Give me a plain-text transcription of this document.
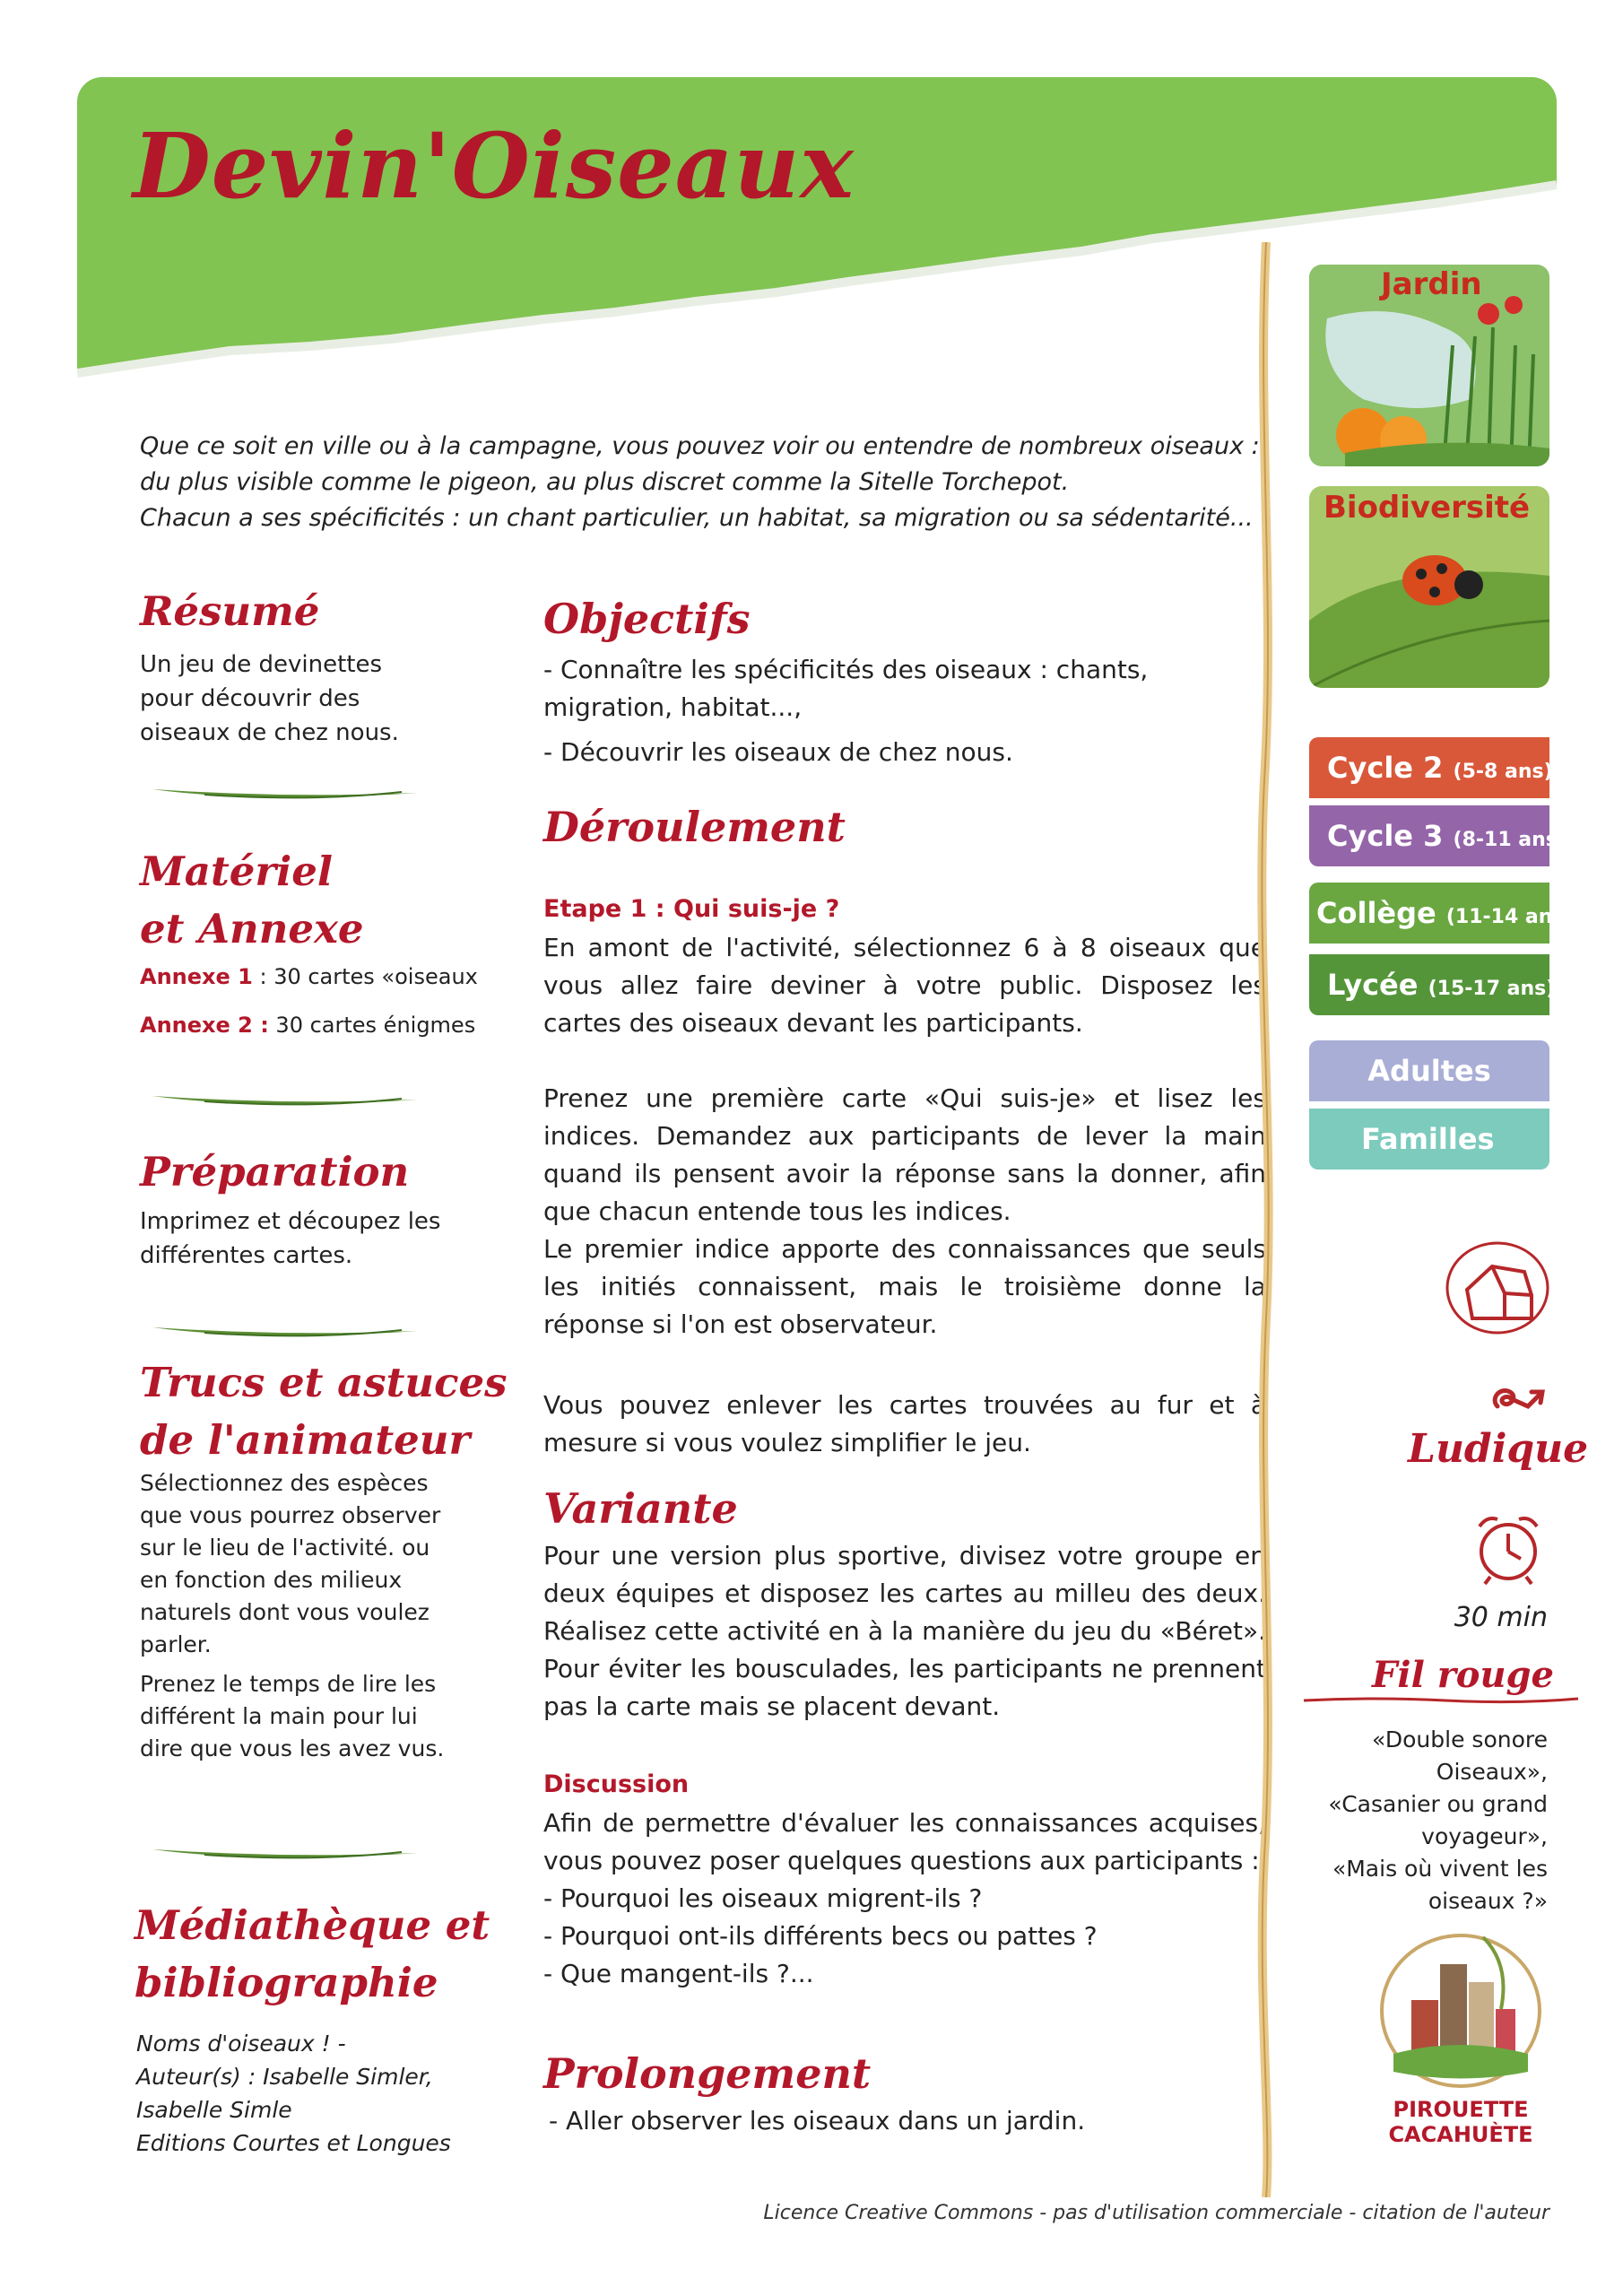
Devin'Oiseaux

Que ce soit en ville ou à la campagne, vous pouvez voir ou entendre de nombreux oiseaux : du plus visible comme le pigeon, au plus discret comme la Sitelle Torchepot.

Chacun a ses spécificités : un chant particulier, un habitat, sa migration ou sa sédentarité...

Résumé

Un jeu de devinettes pour découvrir des oiseaux de chez nous.

Matériel
et Annexe
Annexe 1 : 30 cartes «oiseaux
Annexe 2 : 30 cartes énigmes
Préparation

Imprimez et découpez les différentes cartes.

Trucs et astuces
de l'animateur

Sélectionnez des espèces que vous pourrez observer sur le lieu de l'activité. ou en fonction des milieux naturels dont vous voulez parler.

Prenez le temps de lire les différent la main pour lui dire que vous les avez vus.

Médiathèque et
bibliographie
Noms d'oiseaux ! -
Auteur(s) : Isabelle Simler,
Isabelle Simle
Editions Courtes et Longues
Objectifs

- Connaître les spécificités des oiseaux : chants, migration, habitat...,

- Découvrir les oiseaux de chez nous.

Déroulement
Etape 1 : Qui suis-je ?

En amont de l'activité, sélectionnez 6 à 8 oiseaux que vous allez faire deviner à votre public. Disposez les cartes des oiseaux devant les participants.

Prenez une première carte «Qui suis-je» et lisez les indices. Demandez aux participants de lever la main quand ils pensent avoir la réponse sans la donner, afin que chacun entende tous les indices.

Le premier indice apporte des connaissances que seuls les initiés connaissent, mais le troisième donne la réponse si l'on est observateur.

Vous pouvez enlever les cartes trouvées au fur et à mesure si vous voulez simplifier le jeu.

Variante

Pour une version plus sportive, divisez votre groupe en deux équipes et disposez les cartes au milleu des deux. Réalisez cette activité en à la manière du jeu du «Béret». Pour éviter les bousculades, les participants ne prennent pas la carte mais se placent devant.

Discussion

Afin de permettre d'évaluer les connaissances acquises, vous pouvez poser quelques questions aux participants :

- Pourquoi les oiseaux migrent-ils ?
- Pourquoi ont-ils différents becs ou pattes ?
- Que mangent-ils ?...
Prolongement

- Aller observer les oiseaux dans un jardin.

Jardin
Biodiversité
Cycle 2 (5-8 ans)
Cycle 3 (8-11 ans)
Collège (11-14 ans)
Lycée (15-17 ans)
Adultes
Familles
Ludique
30 min
Fil rouge
«Double sonore Oiseaux»,
«Casanier ou grand voyageur»,
«Mais où vivent les oiseaux ?»
PIROUETTE
CACAHUÈTE
Licence Creative Commons - pas d'utilisation commerciale - citation de l'auteur
